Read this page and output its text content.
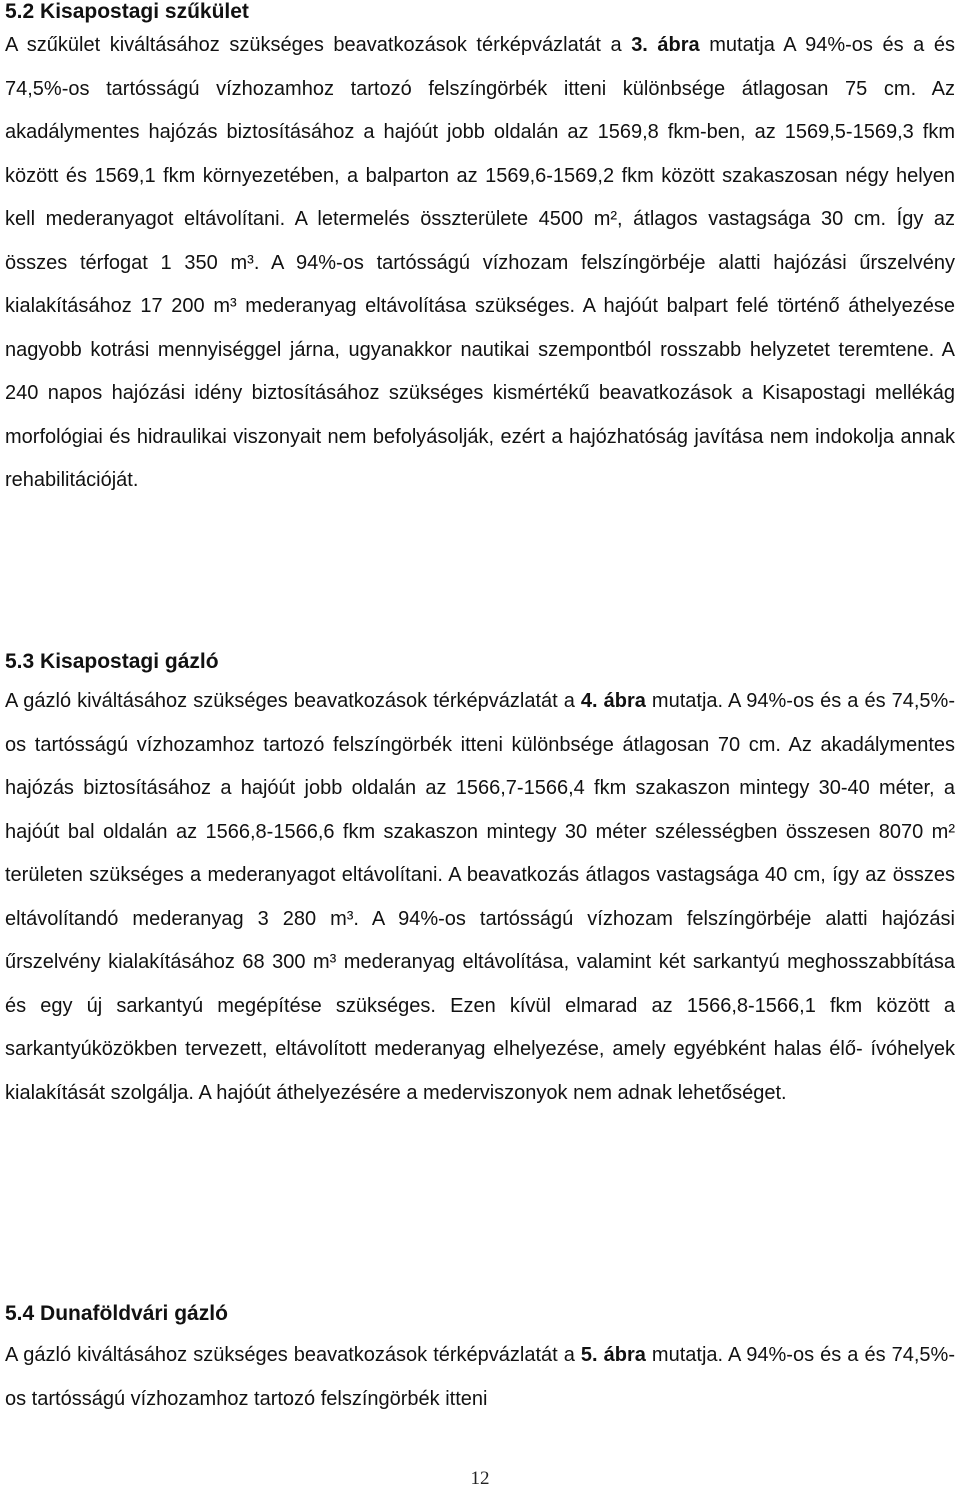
5.2 Kisapostagi szűkület

A szűkület kiváltásához szükséges beavatkozások térképvázlatát a 3. ábra mutatja A 94%-os és a és 74,5%-os tartósságú vízhozamhoz tartozó felszíngörbék itteni különbsége átlagosan 75 cm. Az akadálymentes hajózás biztosításához a hajóút jobb oldalán az 1569,8 fkm-ben, az 1569,5-1569,3 fkm között és 1569,1 fkm környezetében, a balparton az 1569,6-1569,2 fkm között szakaszosan négy helyen kell mederanyagot eltávolítani. A letermelés összterülete 4500 m², átlagos vastagsága 30 cm. Így az összes térfogat 1 350 m³. A 94%-os tartósságú vízhozam felszíngörbéje alatti hajózási űrszelvény kialakításához 17 200 m³ mederanyag eltávolítása szükséges. A hajóút balpart felé történő áthelyezése nagyobb kotrási mennyiséggel járna, ugyanakkor nautikai szempontból rosszabb helyzetet teremtene. A 240 napos hajózási idény biztosításához szükséges kismértékű beavatkozások a Kisapostagi mellékág morfológiai és hidraulikai viszonyait nem befolyásolják, ezért a hajózhatóság javítása nem indokolja annak rehabilitációját.

5.3 Kisapostagi gázló

A gázló kiváltásához szükséges beavatkozások térképvázlatát a 4. ábra mutatja. A 94%-os és a és 74,5%-os tartósságú vízhozamhoz tartozó felszíngörbék itteni különbsége átlagosan 70 cm. Az akadálymentes hajózás biztosításához a hajóút jobb oldalán az 1566,7-1566,4 fkm szakaszon mintegy 30-40 méter, a hajóút bal oldalán az 1566,8-1566,6 fkm szakaszon mintegy 30 méter szélességben összesen 8070 m² területen szükséges a mederanyagot eltávolítani. A beavatkozás átlagos vastagsága 40 cm, így az összes eltávolítandó mederanyag 3 280 m³. A 94%-os tartósságú vízhozam felszíngörbéje alatti hajózási űrszelvény kialakításához 68 300 m³ mederanyag eltávolítása, valamint két sarkantyú meghosszabbítása és egy új sarkantyú megépítése szükséges. Ezen kívül elmarad az 1566,8-1566,1 fkm között a sarkantyúközökben tervezett, eltávolított mederanyag elhelyezése, amely egyébként halas élő- ívóhelyek kialakítását szolgálja. A hajóút áthelyezésére a mederviszonyok nem adnak lehetőséget.

5.4 Dunaföldvári gázló

A gázló kiváltásához szükséges beavatkozások térképvázlatát a 5. ábra mutatja. A 94%-os és a és 74,5%-os tartósságú vízhozamhoz tartozó felszíngörbék itteni

12
